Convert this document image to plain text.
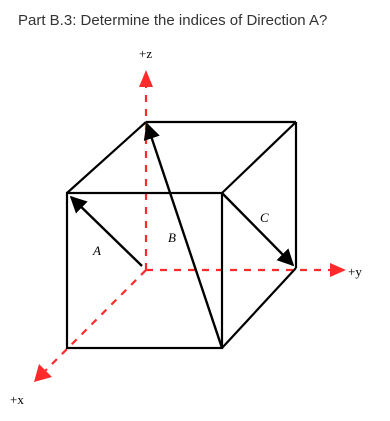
Part B.3: Determine the indices of Direction A?
A
B
C
+z
+y
+x
